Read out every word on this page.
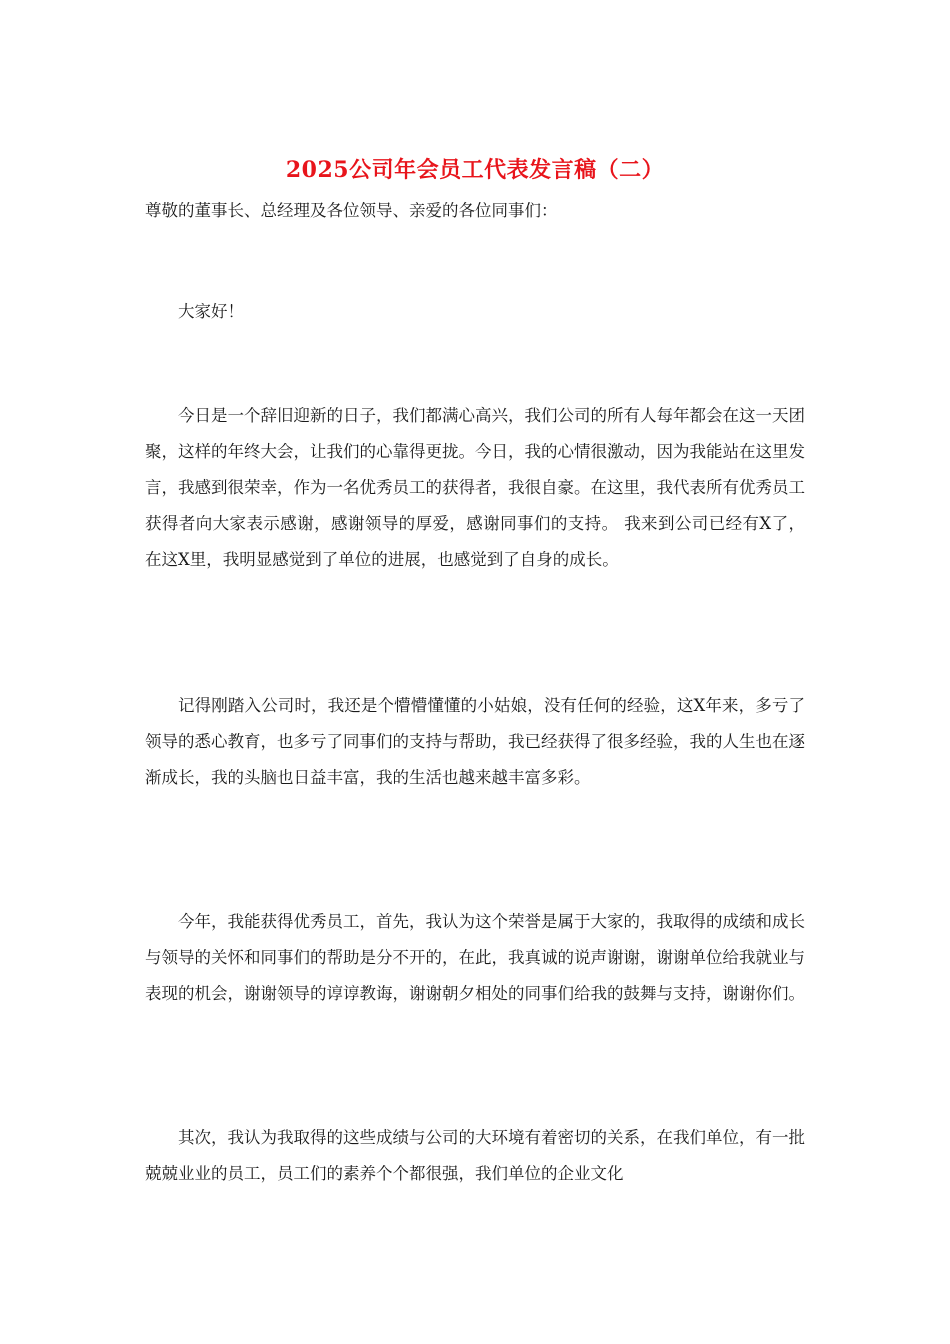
2025公司年会员工代表发言稿（二）

尊敬的董事长、总经理及各位领导、亲爱的各位同事们：

大家好！

今日是一个辞旧迎新的日子，我们都满心高兴，我们公司的所有人每年都会在这一天团聚，这样的年终大会，让我们的心靠得更拢。今日，我的心情很激动，因为我能站在这里发言，我感到很荣幸，作为一名优秀员工的获得者，我很自豪。在这里，我代表所有优秀员工获得者向大家表示感谢，感谢领导的厚爱，感谢同事们的支持。 我来到公司已经有X了，在这X里，我明显感觉到了单位的进展，也感觉到了自身的成长。

记得刚踏入公司时，我还是个懵懵懂懂的小姑娘，没有任何的经验，这X年来，多亏了领导的悉心教育，也多亏了同事们的支持与帮助，我已经获得了很多经验，我的人生也在逐渐成长，我的头脑也日益丰富，我的生活也越来越丰富多彩。

今年，我能获得优秀员工，首先，我认为这个荣誉是属于大家的，我取得的成绩和成长与领导的关怀和同事们的帮助是分不开的，在此，我真诚的说声谢谢，谢谢单位给我就业与表现的机会，谢谢领导的谆谆教诲，谢谢朝夕相处的同事们给我的鼓舞与支持，谢谢你们。

其次，我认为我取得的这些成绩与公司的大环境有着密切的关系，在我们单位，有一批兢兢业业的员工，员工们的素养个个都很强，我们单位的企业文化
